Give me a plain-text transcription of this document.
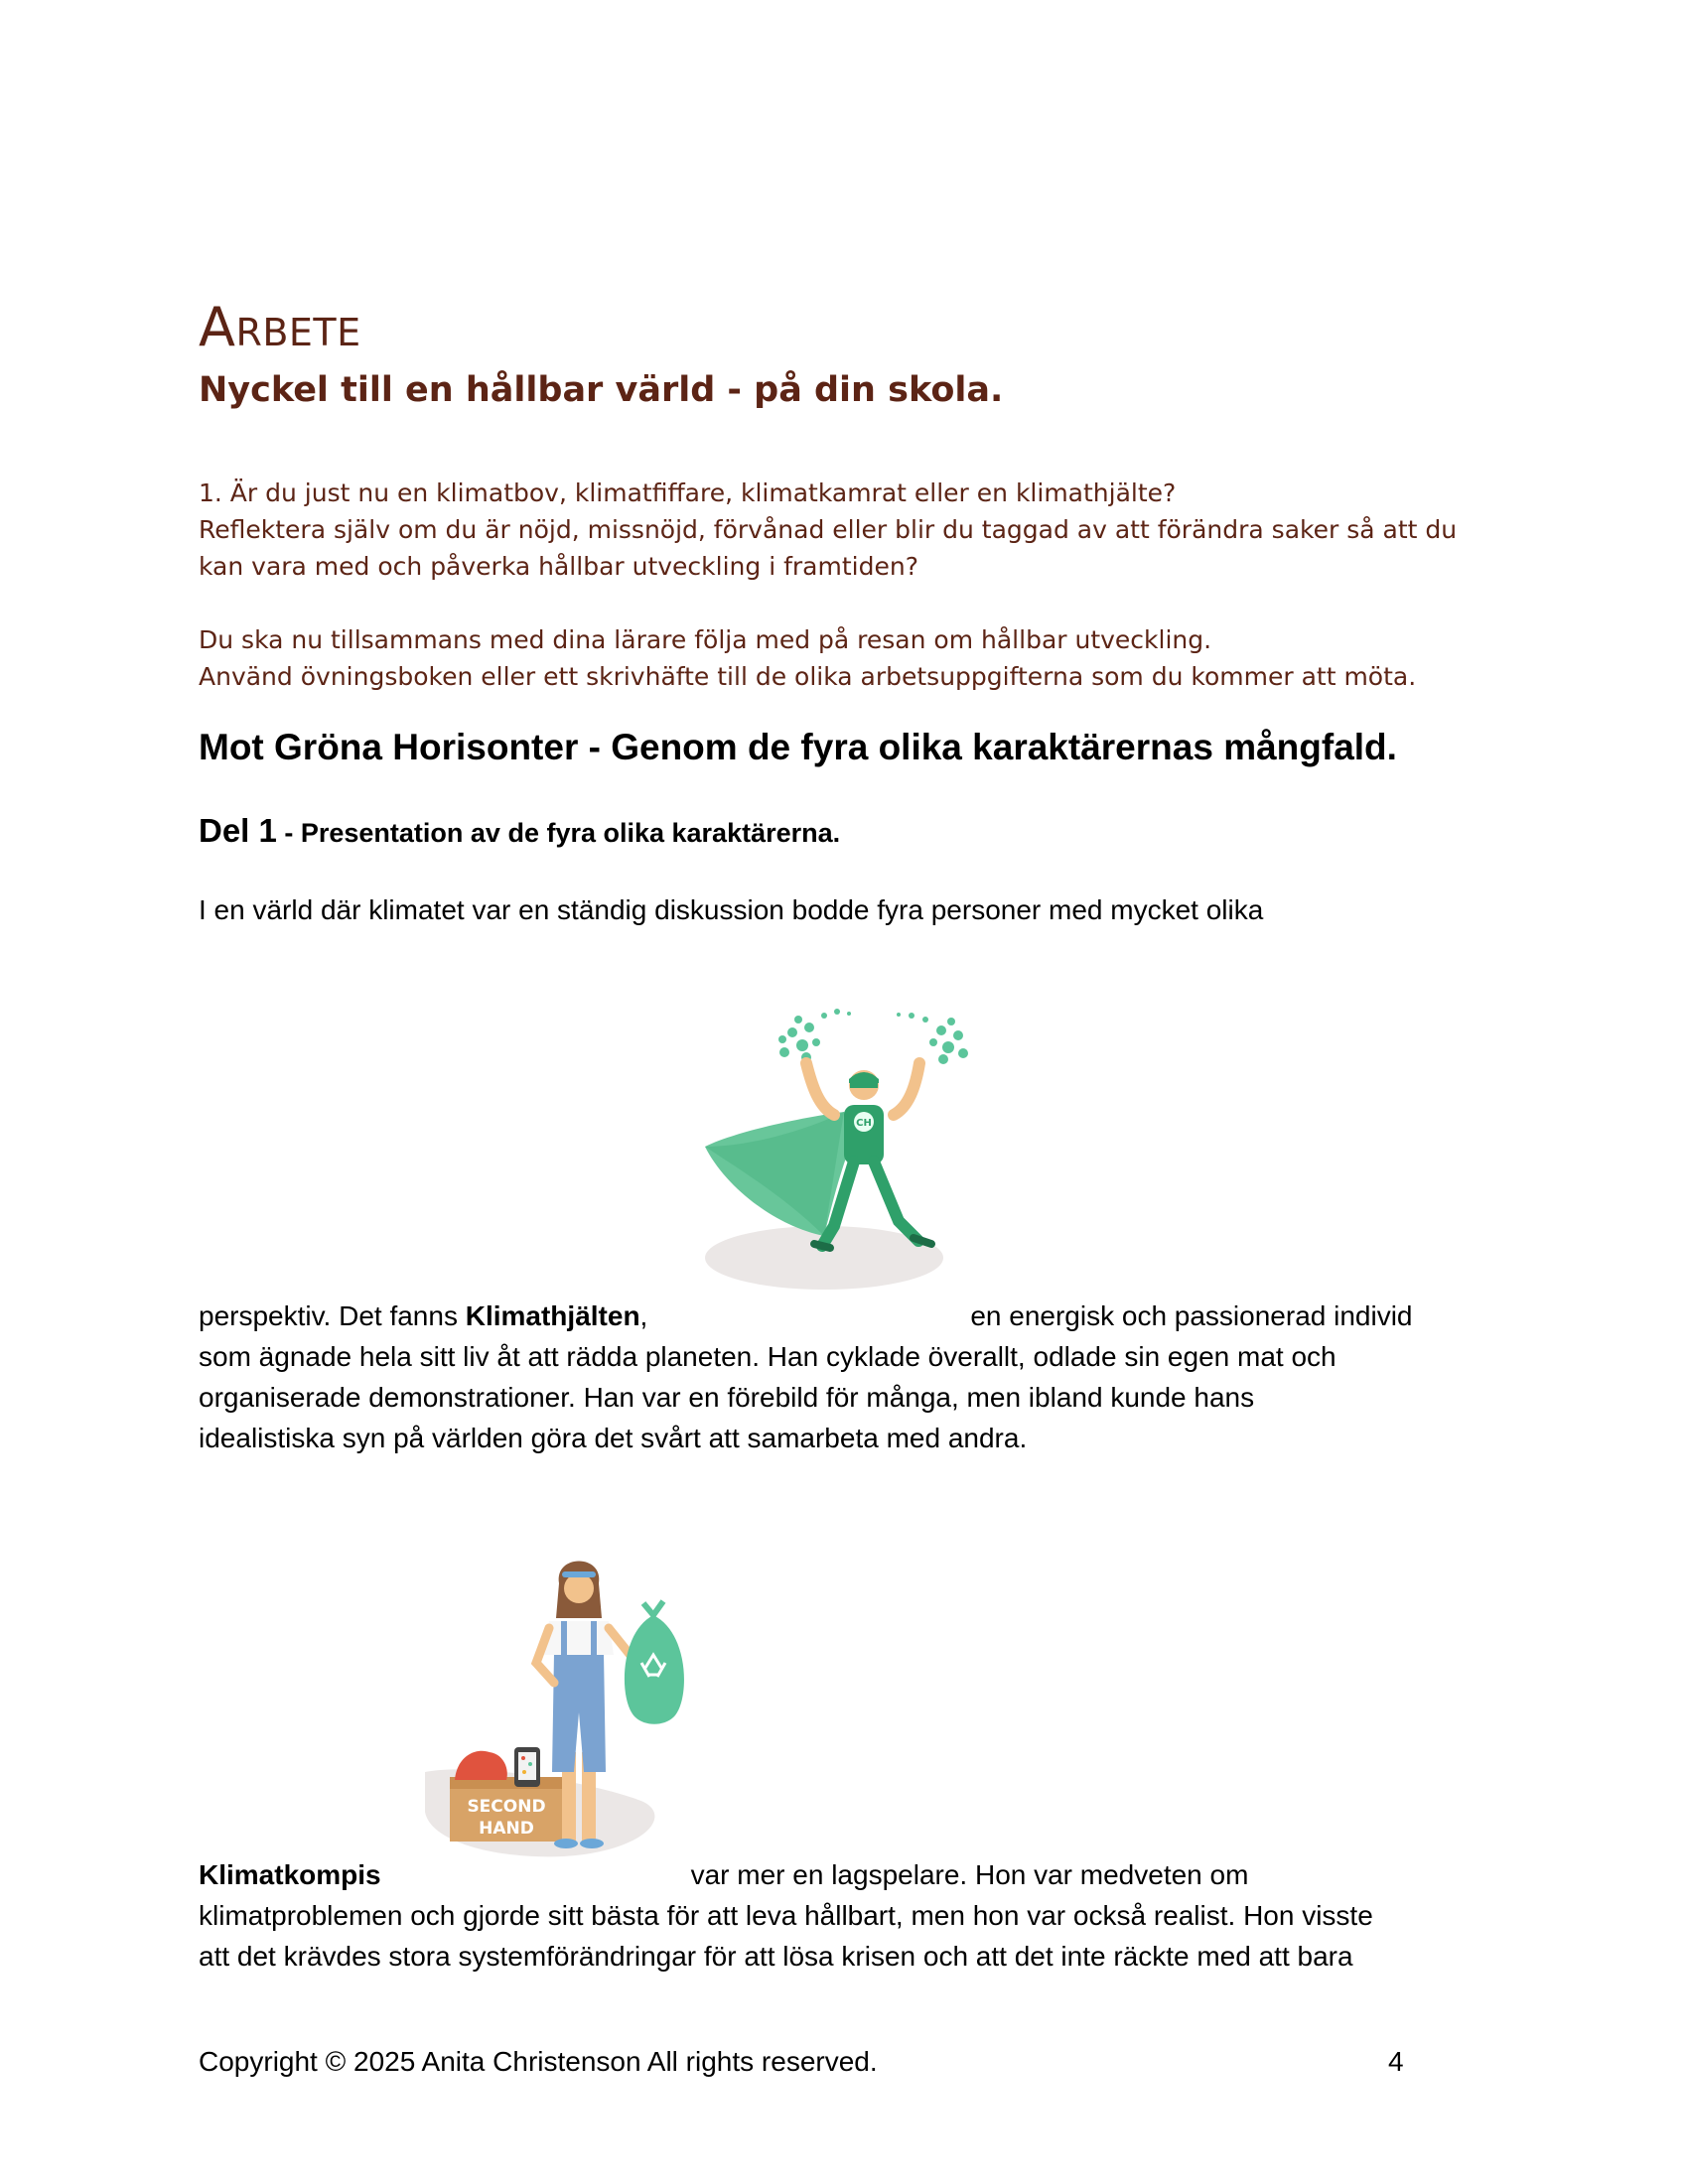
ARBETE
Nyckel till en hållbar värld - på din skola.

1. Är du just nu en klimatbov, klimatfiffare, klimatkamrat eller en klimathjälte?

Reflektera själv om du är nöjd, missnöjd, förvånad eller blir du taggad av att förändra saker så att du

kan vara med och påverka hållbar utveckling i framtiden?

Du ska nu tillsammans med dina lärare följa med på resan om hållbar utveckling.

Använd övningsboken eller ett skrivhäfte till de olika arbetsuppgifterna som du kommer att möta.

Mot Gröna Horisonter - Genom de fyra olika karaktärernas mångfald.
Del 1 - Presentation av de fyra olika karaktärerna.

I en värld där klimatet var en ständig diskussion bodde fyra personer med mycket olika

CH

perspektiv. Det fanns Klimathjälten,	en energisk och passionerad individ

som ägnade hela sitt liv åt att rädda planeten. Han cyklade överallt, odlade sin egen mat och

organiserade demonstrationer. Han var en förebild för många, men ibland kunde hans

idealistiska syn på världen göra det svårt att samarbeta med andra.

SECOND
HAND

Klimatkompis	var mer en lagspelare. Hon var medveten om

klimatproblemen och gjorde sitt bästa för att leva hållbart, men hon var också realist. Hon visste

att det krävdes stora systemförändringar för att lösa krisen och att det inte räckte med att bara

Copyright © 2025 Anita Christenson All rights reserved.	4
